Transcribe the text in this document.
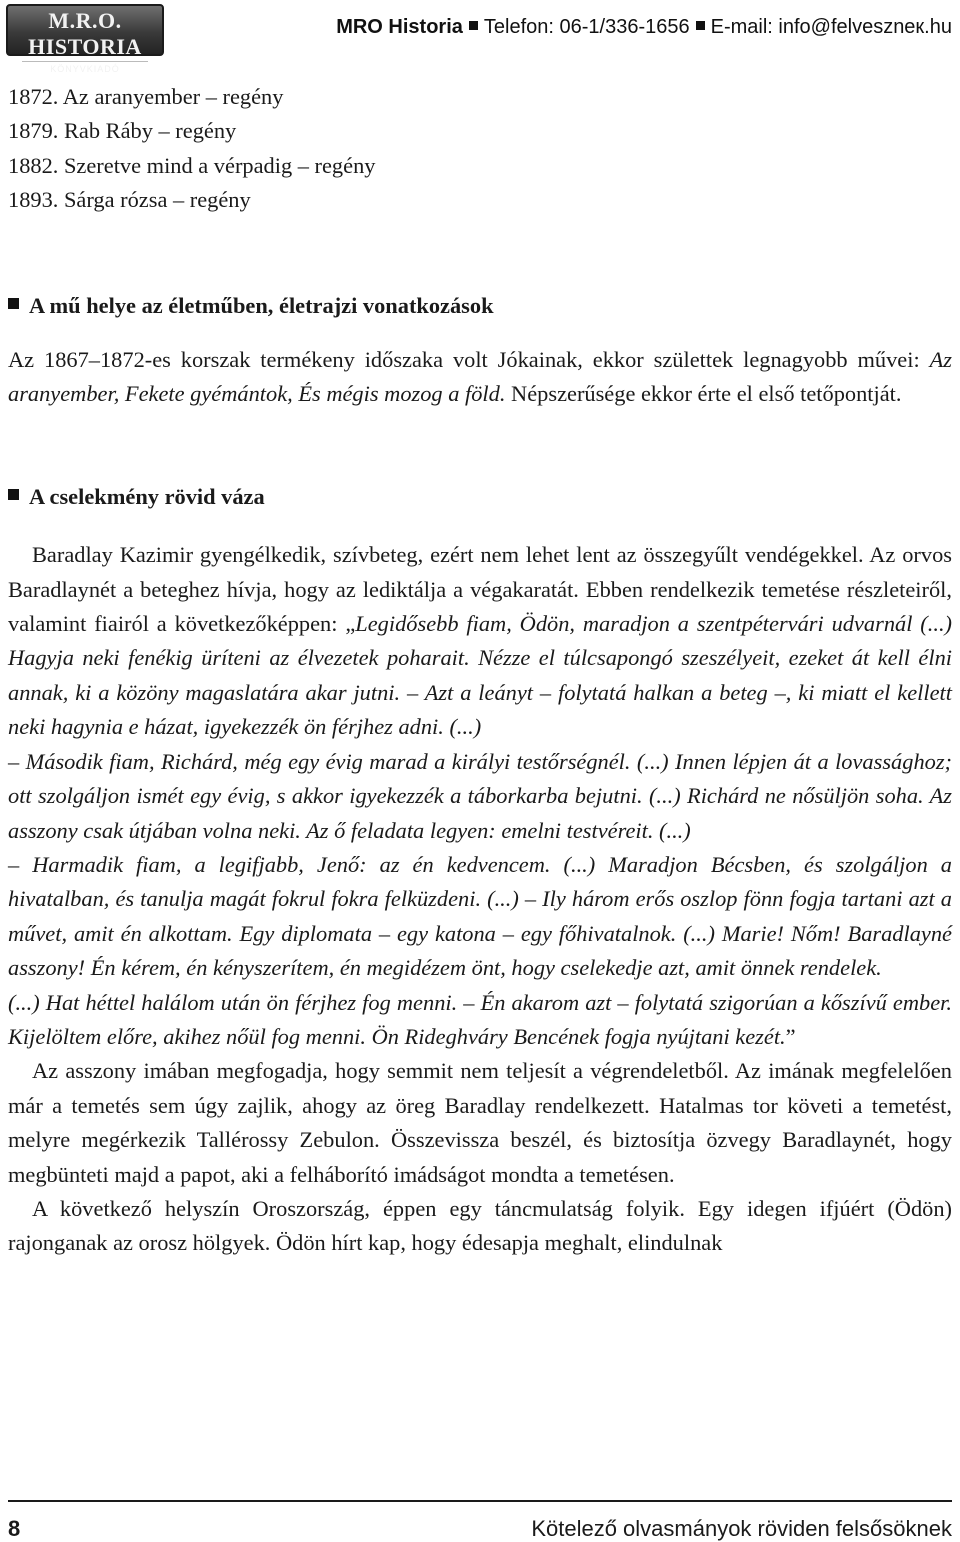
M.R.O. HISTORIA
KÖNYVKIADÓ
MRO Historia Telefon: 06-1/336-1656 E-mail: info@felveszneк.hu
1872. Az aranyember – regény
1879. Rab Ráby – regény
1882. Szeretve mind a vérpadig – regény
1893. Sárga rózsa – regény
A mű helye az életműben, életrajzi vonatkozások

Az 1867–1872-es korszak termékeny időszaka volt Jókainak, ekkor születtek legnagyobb művei: Az aranyember, Fekete gyémántok, És mégis mozog a föld. Népszerűsége ekkor érte el első tetőpontját.

A cselekmény rövid váza

Baradlay Kazimir gyengélkedik, szívbeteg, ezért nem lehet lent az összegyűlt vendégekkel. Az orvos Baradlaynét a beteghez hívja, hogy az lediktálja a végakaratát. Ebben rendelkezik temetése részleteiről, valamint fiairól a következőképpen: „Legidősebb fiam, Ödön, maradjon a szentpétervári udvarnál (...) Hagyja neki fenékig üríteni az élvezetek poharait. Nézze el túlcsapongó szeszélyeit, ezeket át kell élni annak, ki a közöny magaslatára akar jutni. – Azt a leányt – folytatá halkan a beteg –, ki miatt el kellett neki hagynia e házat, igyekezzék ön férjhez adni. (...)

– Második fiam, Richárd, még egy évig marad a királyi testőrségnél. (...) Innen lépjen át a lovassághoz; ott szolgáljon ismét egy évig, s akkor igyekezzék a táborkarba bejutni. (...) Richárd ne nősüljön soha. Az asszony csak útjában volna neki. Az ő feladata legyen: emelni testvéreit. (...)

– Harmadik fiam, a legifjabb, Jenő: az én kedvencem. (...) Maradjon Bécsben, és szolgáljon a hivatalban, és tanulja magát fokrul fokra felküzdeni. (...) – Ily három erős oszlop fönn fogja tartani azt a művet, amit én alkottam. Egy diplomata – egy katona – egy főhivatalnok. (...) Marie! Nőm! Baradlayné asszony! Én kérem, én kényszerítem, én megidézem önt, hogy cselekedje azt, amit önnek rendelek.

(...) Hat héttel halálom után ön férjhez fog menni. – Én akarom azt – folytatá szigorúan a kőszívű ember. Kijelöltem előre, akihez nőül fog menni. Ön Rideghváry Bencének fogja nyújtani kezét.”

Az asszony imában megfogadja, hogy semmit nem teljesít a végrendeletből. Az imának megfelelően már a temetés sem úgy zajlik, ahogy az öreg Baradlay rendelkezett. Hatalmas tor követi a temetést, melyre megérkezik Tallérossy Zebulon. Összevissza beszél, és biztosítja özvegy Baradlaynét, hogy megbünteti majd a papot, aki a felháborító imádságot mondta a temetésen.

A következő helyszín Oroszország, éppen egy táncmulatság folyik. Egy idegen ifjúért (Ödön) rajonganak az orosz hölgyek. Ödön hírt kap, hogy édesapja meghalt, elindulnak

8	Kötelező olvasmányok röviden felsősöknek
